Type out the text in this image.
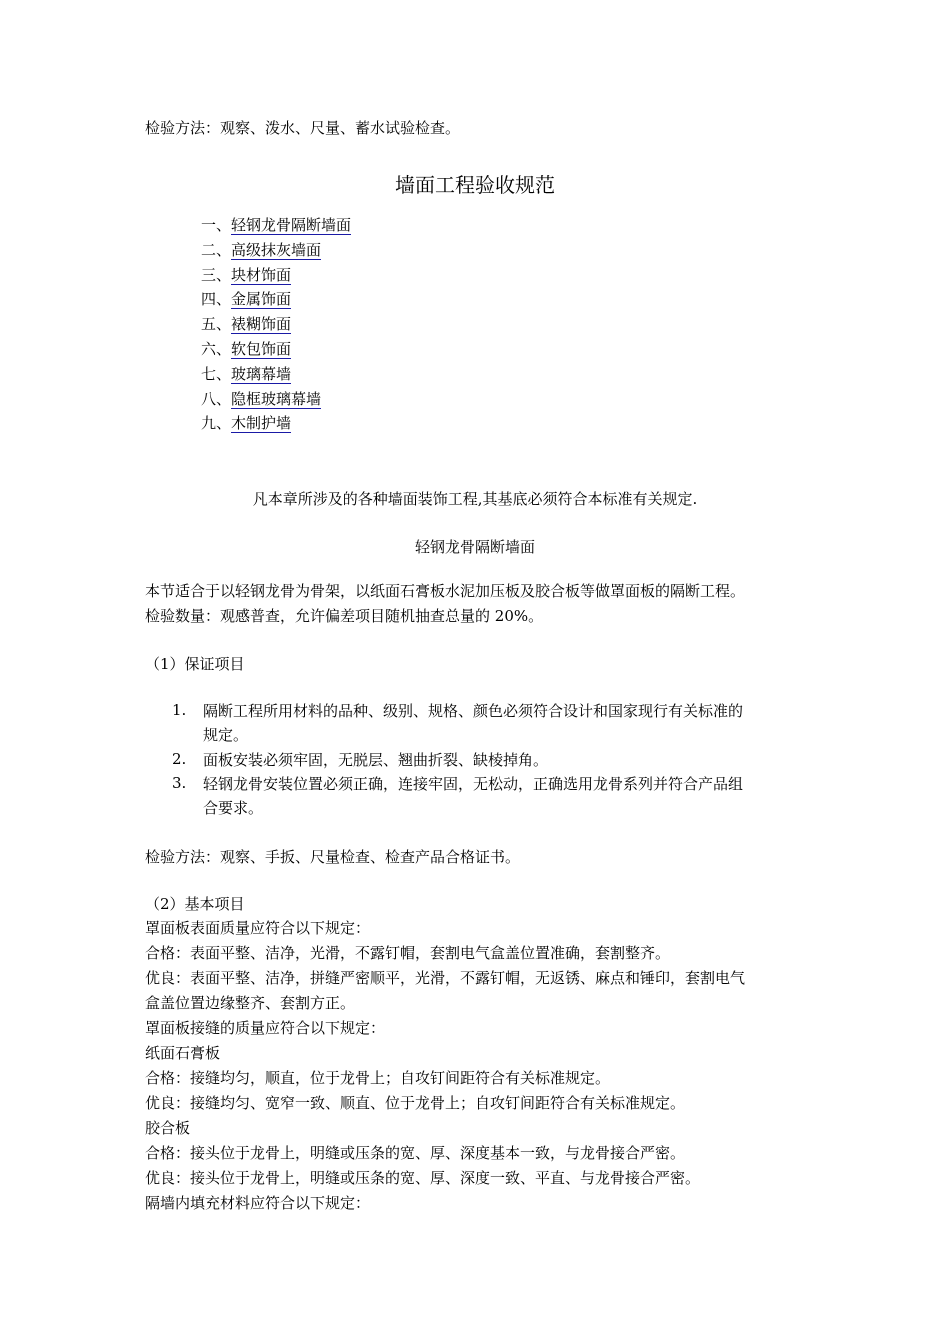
检验方法：观察、泼水、尺量、蓄水试验检查。
墙面工程验收规范
一、轻钢龙骨隔断墙面
二、高级抹灰墙面
三、块材饰面
四、金属饰面
五、裱糊饰面
六、软包饰面
七、玻璃幕墙
八、隐框玻璃幕墙
九、木制护墙
凡本章所涉及的各种墙面装饰工程,其基底必须符合本标准有关规定.
轻钢龙骨隔断墙面
本节适合于以轻钢龙骨为骨架，以纸面石膏板水泥加压板及胶合板等做罩面板的隔断工程。
检验数量：观感普查，允许偏差项目随机抽查总量的 20%。
（1）保证项目
1.	隔断工程所用材料的品种、级别、规格、颜色必须符合设计和国家现行有关标准的
规定。
2.	面板安装必须牢固，无脱层、翘曲折裂、缺棱掉角。
3.	轻钢龙骨安装位置必须正确，连接牢固，无松动，正确选用龙骨系列并符合产品组
合要求。
检验方法：观察、手扳、尺量检查、检查产品合格证书。
（2）基本项目
罩面板表面质量应符合以下规定：
合格：表面平整、洁净，光滑，不露钉帽，套割电气盒盖位置准确，套割整齐。
优良：表面平整、洁净，拼缝严密顺平，光滑，不露钉帽，无返锈、麻点和锤印，套割电气
盒盖位置边缘整齐、套割方正。
罩面板接缝的质量应符合以下规定：
纸面石膏板
合格：接缝均匀，顺直，位于龙骨上；自攻钉间距符合有关标准规定。
优良：接缝均匀、宽窄一致、顺直、位于龙骨上；自攻钉间距符合有关标准规定。
胶合板
合格：接头位于龙骨上，明缝或压条的宽、厚、深度基本一致，与龙骨接合严密。
优良：接头位于龙骨上，明缝或压条的宽、厚、深度一致、平直、与龙骨接合严密。
隔墙内填充材料应符合以下规定：
